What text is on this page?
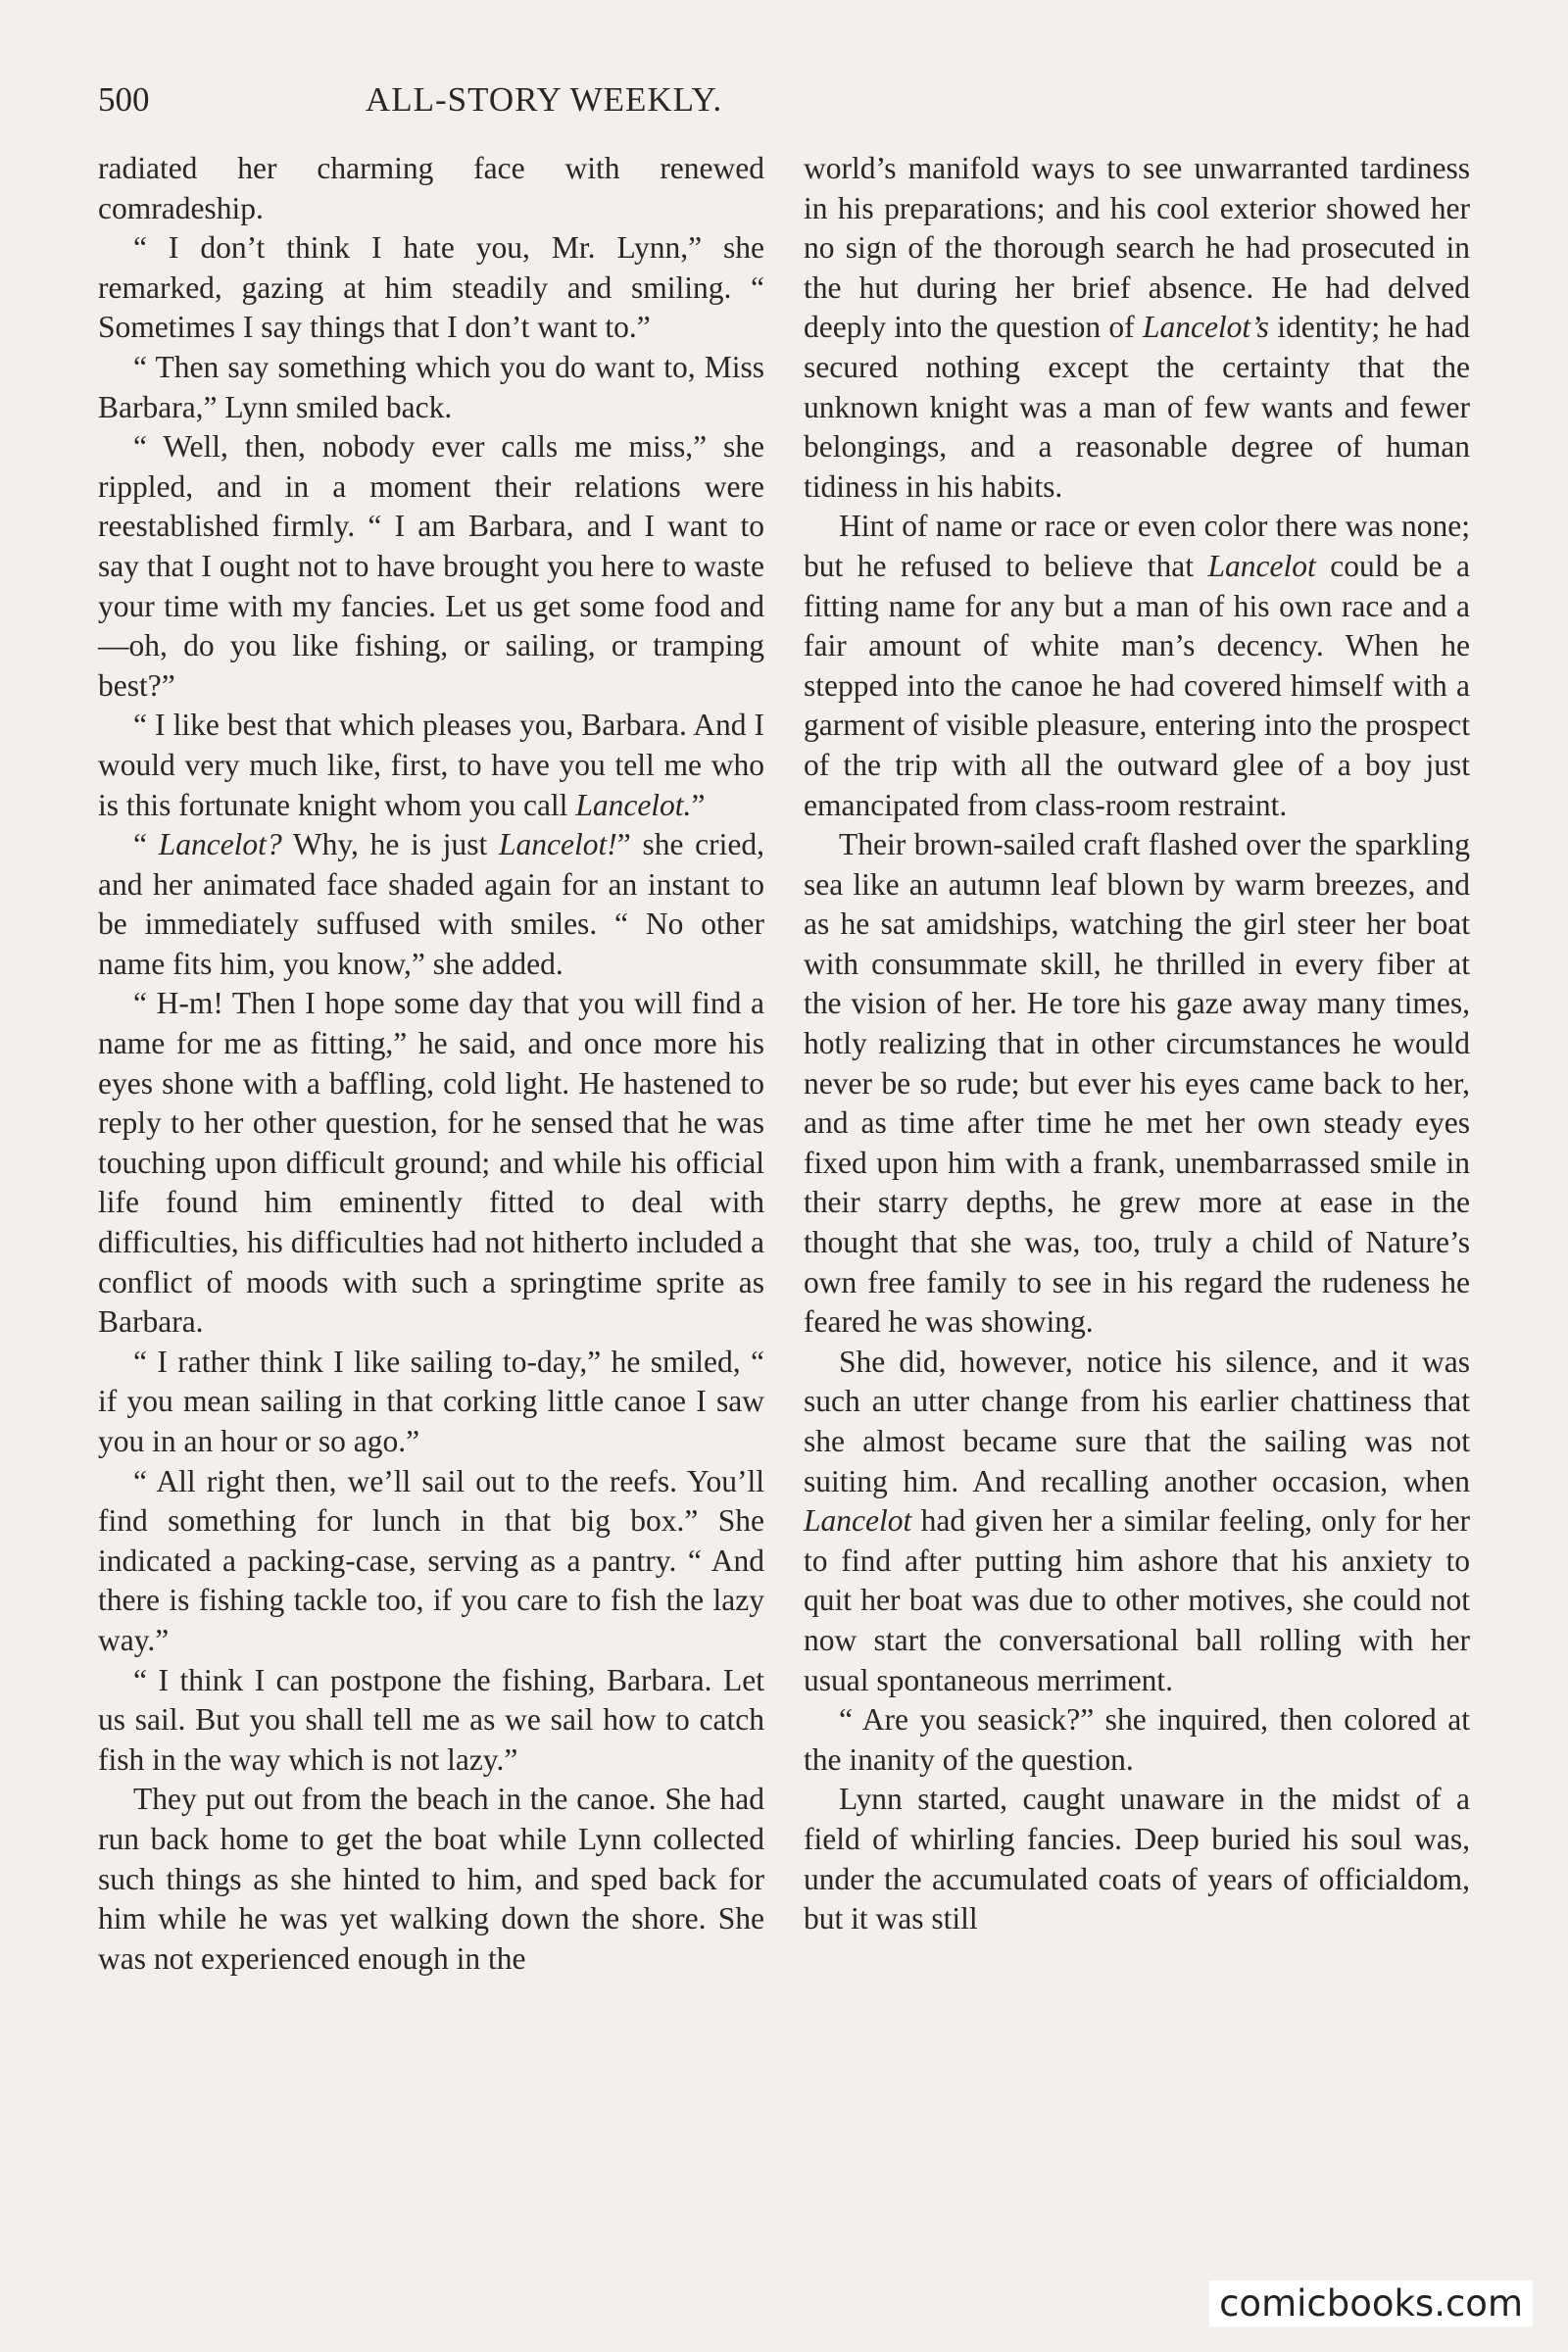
500	ALL-STORY WEEKLY.

radiated her charming face with renewed comradeship.

“ I don’t think I hate you, Mr. Lynn,” she remarked, gazing at him steadily and smiling. “ Sometimes I say things that I don’t want to.”

“ Then say something which you do want to, Miss Barbara,” Lynn smiled back.

“ Well, then, nobody ever calls me miss,” she rippled, and in a moment their relations were reestablished firmly. “ I am Barbara, and I want to say that I ought not to have brought you here to waste your time with my fancies. Let us get some food and—oh, do you like fishing, or sailing, or tramping best?”

“ I like best that which pleases you, Barbara. And I would very much like, first, to have you tell me who is this fortunate knight whom you call Lancelot.”

“ Lancelot? Why, he is just Lancelot!” she cried, and her animated face shaded again for an instant to be immediately suffused with smiles. “ No other name fits him, you know,” she added.

“ H-m! Then I hope some day that you will find a name for me as fitting,” he said, and once more his eyes shone with a baffling, cold light. He hastened to reply to her other question, for he sensed that he was touching upon difficult ground; and while his official life found him eminently fitted to deal with difficulties, his difficulties had not hitherto included a conflict of moods with such a springtime sprite as Barbara.

“ I rather think I like sailing to-day,” he smiled, “ if you mean sailing in that corking little canoe I saw you in an hour or so ago.”

“ All right then, we’ll sail out to the reefs. You’ll find something for lunch in that big box.” She indicated a packing-case, serving as a pantry. “ And there is fishing tackle too, if you care to fish the lazy way.”

“ I think I can postpone the fishing, Barbara. Let us sail. But you shall tell me as we sail how to catch fish in the way which is not lazy.”

They put out from the beach in the canoe. She had run back home to get the boat while Lynn collected such things as she hinted to him, and sped back for him while he was yet walking down the shore. She was not experienced enough in the

world’s manifold ways to see unwarranted tardiness in his preparations; and his cool exterior showed her no sign of the thorough search he had prosecuted in the hut during her brief absence. He had delved deeply into the question of Lancelot’s identity; he had secured nothing except the certainty that the unknown knight was a man of few wants and fewer belongings, and a reasonable degree of human tidiness in his habits.

Hint of name or race or even color there was none; but he refused to believe that Lancelot could be a fitting name for any but a man of his own race and a fair amount of white man’s decency. When he stepped into the canoe he had covered himself with a garment of visible pleasure, entering into the prospect of the trip with all the outward glee of a boy just emancipated from class-room restraint.

Their brown-sailed craft flashed over the sparkling sea like an autumn leaf blown by warm breezes, and as he sat amidships, watching the girl steer her boat with consummate skill, he thrilled in every fiber at the vision of her. He tore his gaze away many times, hotly realizing that in other circumstances he would never be so rude; but ever his eyes came back to her, and as time after time he met her own steady eyes fixed upon him with a frank, unembarrassed smile in their starry depths, he grew more at ease in the thought that she was, too, truly a child of Nature’s own free family to see in his regard the rudeness he feared he was showing.

She did, however, notice his silence, and it was such an utter change from his earlier chattiness that she almost became sure that the sailing was not suiting him. And recalling another occasion, when Lancelot had given her a similar feeling, only for her to find after putting him ashore that his anxiety to quit her boat was due to other motives, she could not now start the conversational ball rolling with her usual spontaneous merriment.

“ Are you seasick?” she inquired, then colored at the inanity of the question.

Lynn started, caught unaware in the midst of a field of whirling fancies. Deep buried his soul was, under the accumulated coats of years of officialdom, but it was still

comicbooks.com
